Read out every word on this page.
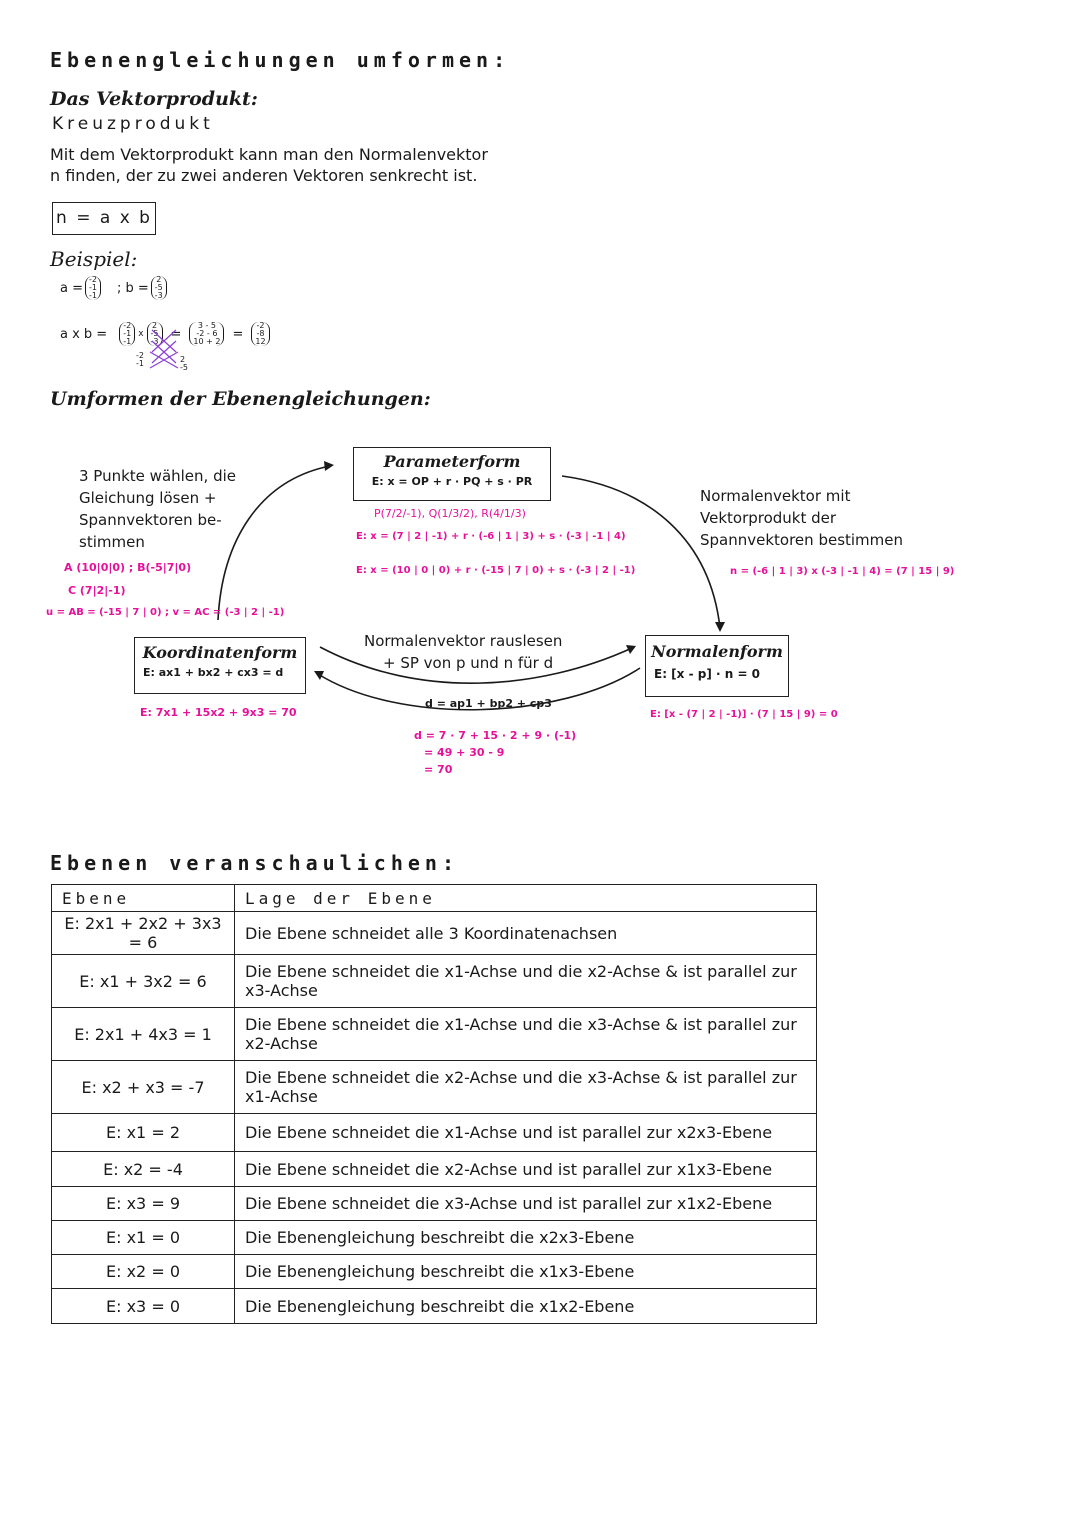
Ebenengleichungen umformen:
Das Vektorprodukt:
Kreuzprodukt
Mit dem Vektorprodukt kann man den Normalenvektor
n finden, der zu zwei anderen Vektoren senkrecht ist.
n = a x b
Beispiel:
a =
-2
-1
-1 ; b =
2
-5
-3
a x b =
-2
-1
-1
x
2
-5
-3 =
3 - 5
-2 - 6
10 + 2 =
-2
-8
12
-2
-1	2
-5
Umformen der Ebenengleichungen:
Parameterform
E: x = OP + r · PQ + s · PR
P(7/2/-1), Q(1/3/2), R(4/1/3)
E: x = (7 | 2 | -1) + r · (-6 | 1 | 3) + s · (-3 | -1 | 4)
E: x = (10 | 0 | 0) + r · (-15 | 7 | 0) + s · (-3 | 2 | -1)
3 Punkte wählen, die
Gleichung lösen +
Spannvektoren be-
stimmen
A (10|0|0) ; B(-5|7|0)
C (7|2|-1)
u = AB = (-15 | 7 | 0) ; v = AC = (-3 | 2 | -1)
Normalenvektor mit
Vektorprodukt der
Spannvektoren bestimmen
n = (-6 | 1 | 3) x (-3 | -1 | 4) = (7 | 15 | 9)
Koordinatenform
E: ax1 + bx2 + cx3 = d
E: 7x1 + 15x2 + 9x3 = 70
Normalenform
E: [x - p] · n = 0
E: [x - (7 | 2 | -1)] · (7 | 15 | 9) = 0
Normalenvektor rauslesen
+ SP von p und n für d
d = ap1 + bp2 + cp3
d = 7 · 7 + 15 · 2 + 9 · (-1)
= 49 + 30 - 9
= 70
Ebenen veranschaulichen:
Ebene	Lage der Ebene
E: 2x1 + 2x2 + 3x3 = 6	Die Ebene schneidet alle 3 Koordinatenachsen
E: x1 + 3x2 = 6	Die Ebene schneidet die x1-Achse und die x2-Achse & ist parallel zur x3-Achse
E: 2x1 + 4x3 = 1	Die Ebene schneidet die x1-Achse und die x3-Achse & ist parallel zur x2-Achse
E: x2 + x3 = -7	Die Ebene schneidet die x2-Achse und die x3-Achse & ist parallel zur x1-Achse
E: x1 = 2	Die Ebene schneidet die x1-Achse und ist parallel zur x2x3-Ebene
E: x2 = -4	Die Ebene schneidet die x2-Achse und ist parallel zur x1x3-Ebene
E: x3 = 9	Die Ebene schneidet die x3-Achse und ist parallel zur x1x2-Ebene
E: x1 = 0	Die Ebenengleichung beschreibt die x2x3-Ebene
E: x2 = 0	Die Ebenengleichung beschreibt die x1x3-Ebene
E: x3 = 0	Die Ebenengleichung beschreibt die x1x2-Ebene
